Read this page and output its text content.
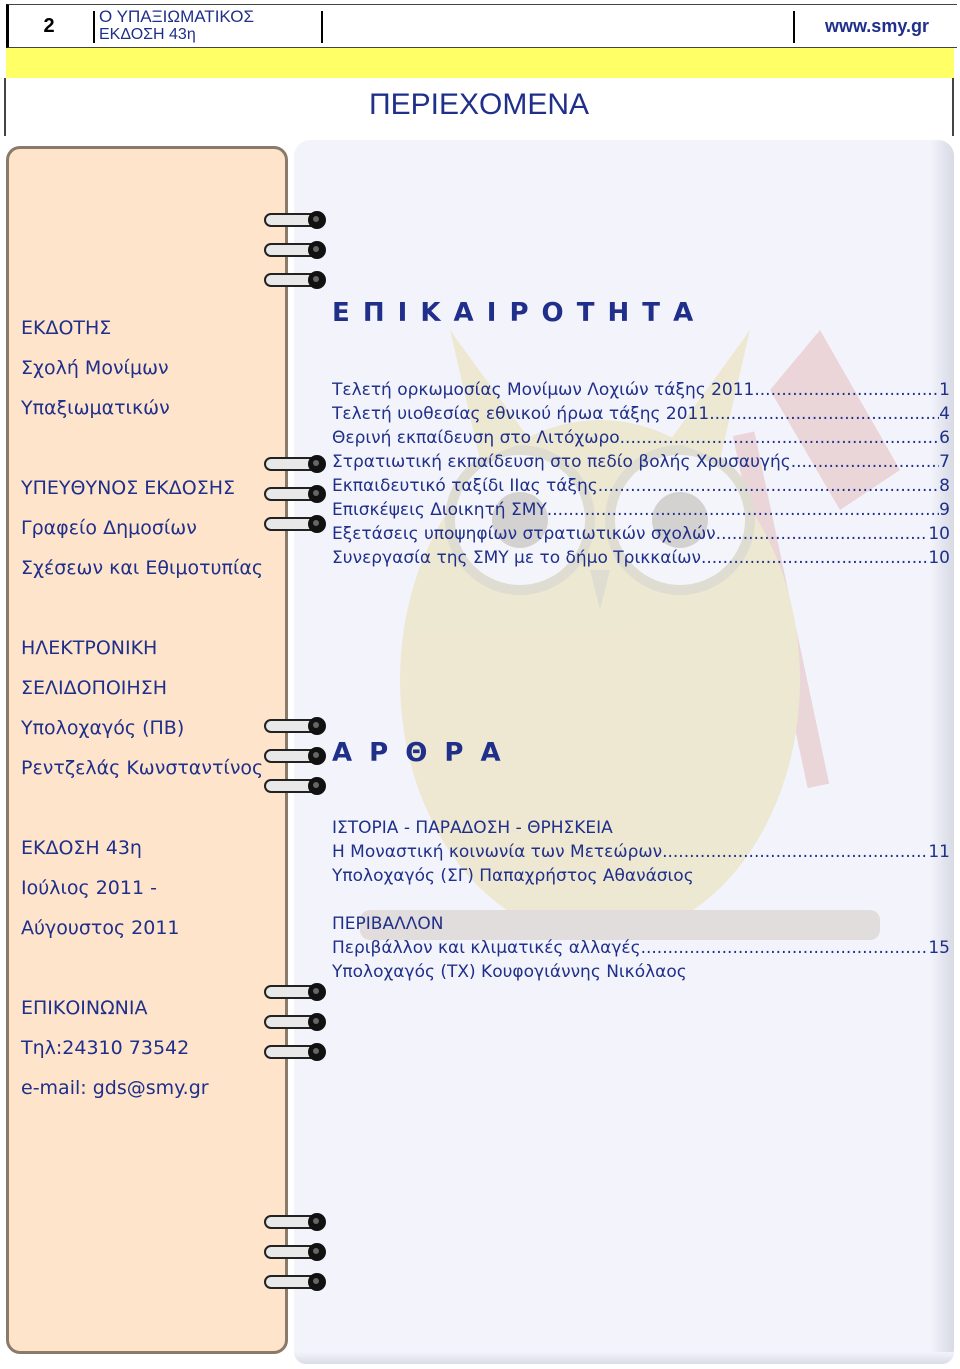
2	Ο ΥΠΑΞΙΩΜΑΤΙΚΟΣ
ΕΚΔΟΣΗ 43η	www.smy.gr
ΠΕΡΙΕΧΟΜΕΝΑ
ΕΚΔΟΤΗΣ
Σχολή Μονίμων
Υπαξιωματικών
ΥΠΕΥΘΥΝΟΣ ΕΚΔΟΣΗΣ
Γραφείο Δημοσίων
Σχέσεων και Εθιμοτυπίας
ΗΛΕΚΤΡΟΝΙΚΗ
ΣΕΛΙΔΟΠΟΙΗΣΗ
Υπολοχαγός (ΠΒ)
Ρεντζελάς Κωνσταντίνος
ΕΚΔΟΣΗ 43η
Ιούλιος 2011 -
Αύγουστος 2011
ΕΠΙΚΟΙΝΩΝΙΑ
Τηλ:24310 73542
e-mail: gds@smy.gr
Ε Π Ι Κ Α Ι Ρ Ο Τ Η Τ Α
Τελετή ορκωμοσίας Μονίμων Λοχιών τάξης 2011 .....	1
Τελετή υιοθεσίας εθνικού ήρωα τάξης 2011 .....	4
Θερινή εκπαίδευση στο Λιτόχωρο .....	6
Στρατιωτική εκπαίδευση στο πεδίο βολής Χρυσαυγής .....	7
Εκπαιδευτικό ταξίδι ΙΙας τάξης .....	8
Επισκέψεις Διοικητή ΣΜΥ .....	9
Εξετάσεις υποψηφίων στρατιωτικών σχολών .....	10
Συνεργασία της ΣΜΥ με το δήμο Τρικκαίων .....	10
Α Ρ Θ Ρ Α
ΙΣΤΟΡΙΑ - ΠΑΡΑΔΟΣΗ - ΘΡΗΣΚΕΙΑ
Η Μοναστική κοινωνία των Μετεώρων .....	11
Υπολοχαγός (ΣΓ) Παπαχρήστος Αθανάσιος
ΠΕΡΙΒΑΛΛΟΝ
Περιβάλλον και κλιματικές αλλαγές .....	15
Υπολοχαγός (ΤΧ) Κουφογιάννης Νικόλαος
